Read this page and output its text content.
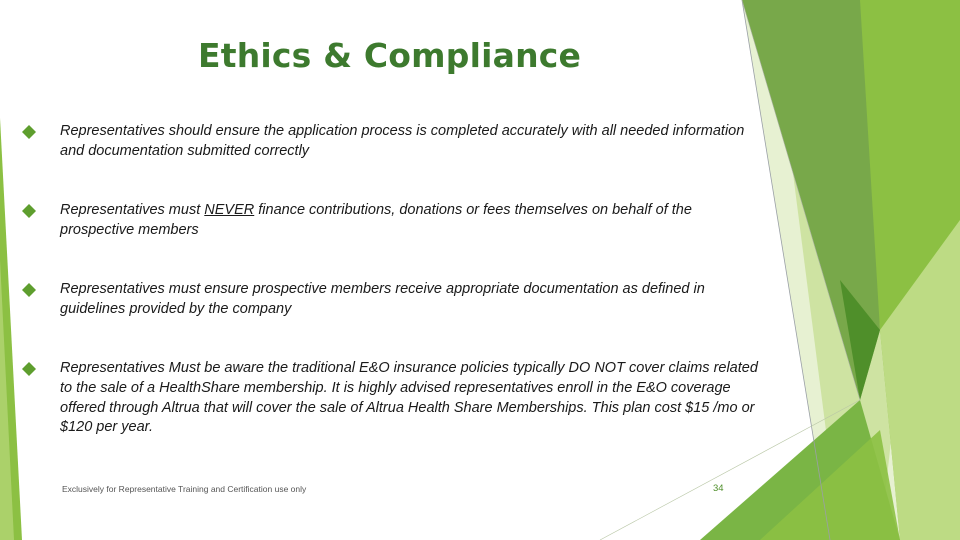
Ethics & Compliance
Representatives should ensure the application process is completed accurately with all needed information and documentation submitted correctly
Representatives must NEVER finance contributions, donations or fees themselves on behalf of the prospective members
Representatives must ensure prospective members receive appropriate documentation as defined in guidelines provided by the company
Representatives Must be aware the traditional E&O insurance policies typically DO NOT cover claims related to the sale of a HealthShare membership. It is highly advised representatives enroll in the E&O coverage offered through Altrua that will cover the sale of Altrua Health Share Memberships. This plan cost $15 /mo or $120 per year.
Exclusively for Representative Training and Certification use only	34
